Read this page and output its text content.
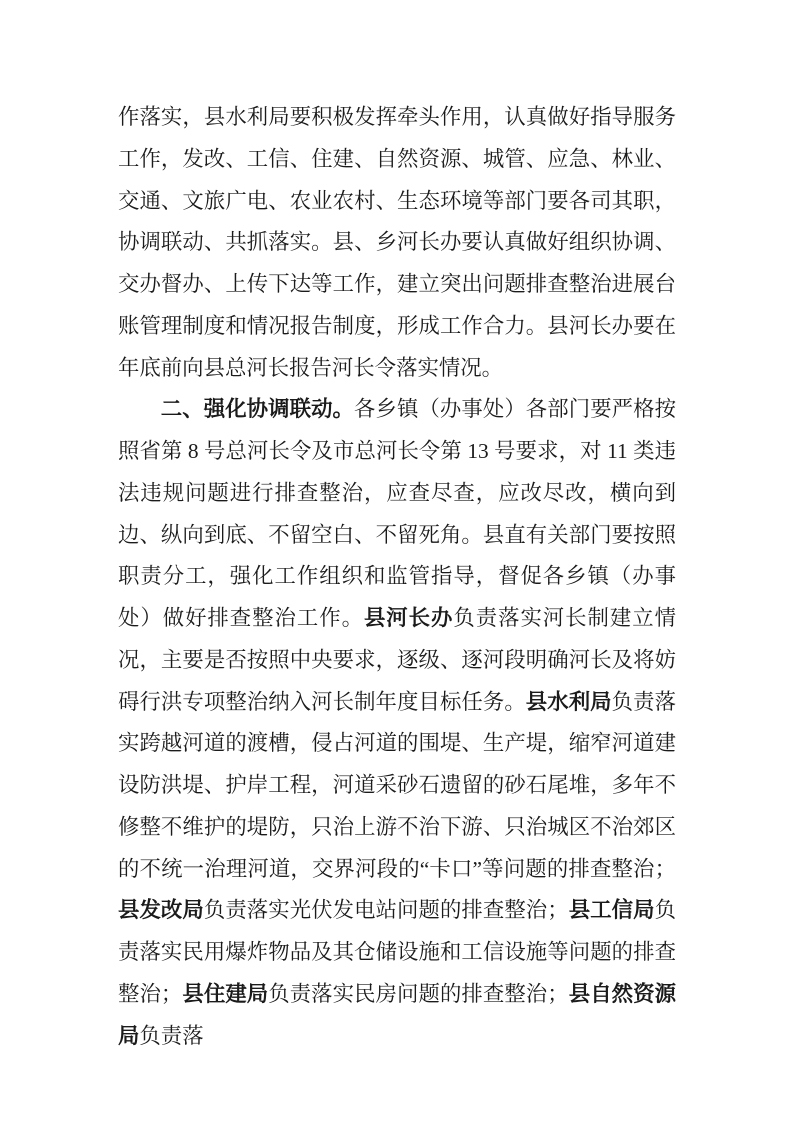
作落实，县水利局要积极发挥牵头作用，认真做好指导服务工作，发改、工信、住建、自然资源、城管、应急、林业、交通、文旅广电、农业农村、生态环境等部门要各司其职，协调联动、共抓落实。县、乡河长办要认真做好组织协调、交办督办、上传下达等工作，建立突出问题排查整治进展台账管理制度和情况报告制度，形成工作合力。县河长办要在年底前向县总河长报告河长令落实情况。

二、强化协调联动。各乡镇（办事处）各部门要严格按照省第 8 号总河长令及市总河长令第 13 号要求，对 11 类违法违规问题进行排查整治，应查尽查，应改尽改，横向到边、纵向到底、不留空白、不留死角。县直有关部门要按照职责分工，强化工作组织和监管指导，督促各乡镇（办事处）做好排查整治工作。县河长办负责落实河长制建立情况，主要是否按照中央要求，逐级、逐河段明确河长及将妨碍行洪专项整治纳入河长制年度目标任务。县水利局负责落实跨越河道的渡槽，侵占河道的围堤、生产堤，缩窄河道建设防洪堤、护岸工程，河道采砂石遗留的砂石尾堆，多年不修整不维护的堤防，只治上游不治下游、只治城区不治郊区的不统一治理河道，交界河段的“卡口”等问题的排查整治；县发改局负责落实光伏发电站问题的排查整治；县工信局负责落实民用爆炸物品及其仓储设施和工信设施等问题的排查整治；县住建局负责落实民房问题的排查整治；县自然资源局负责落
